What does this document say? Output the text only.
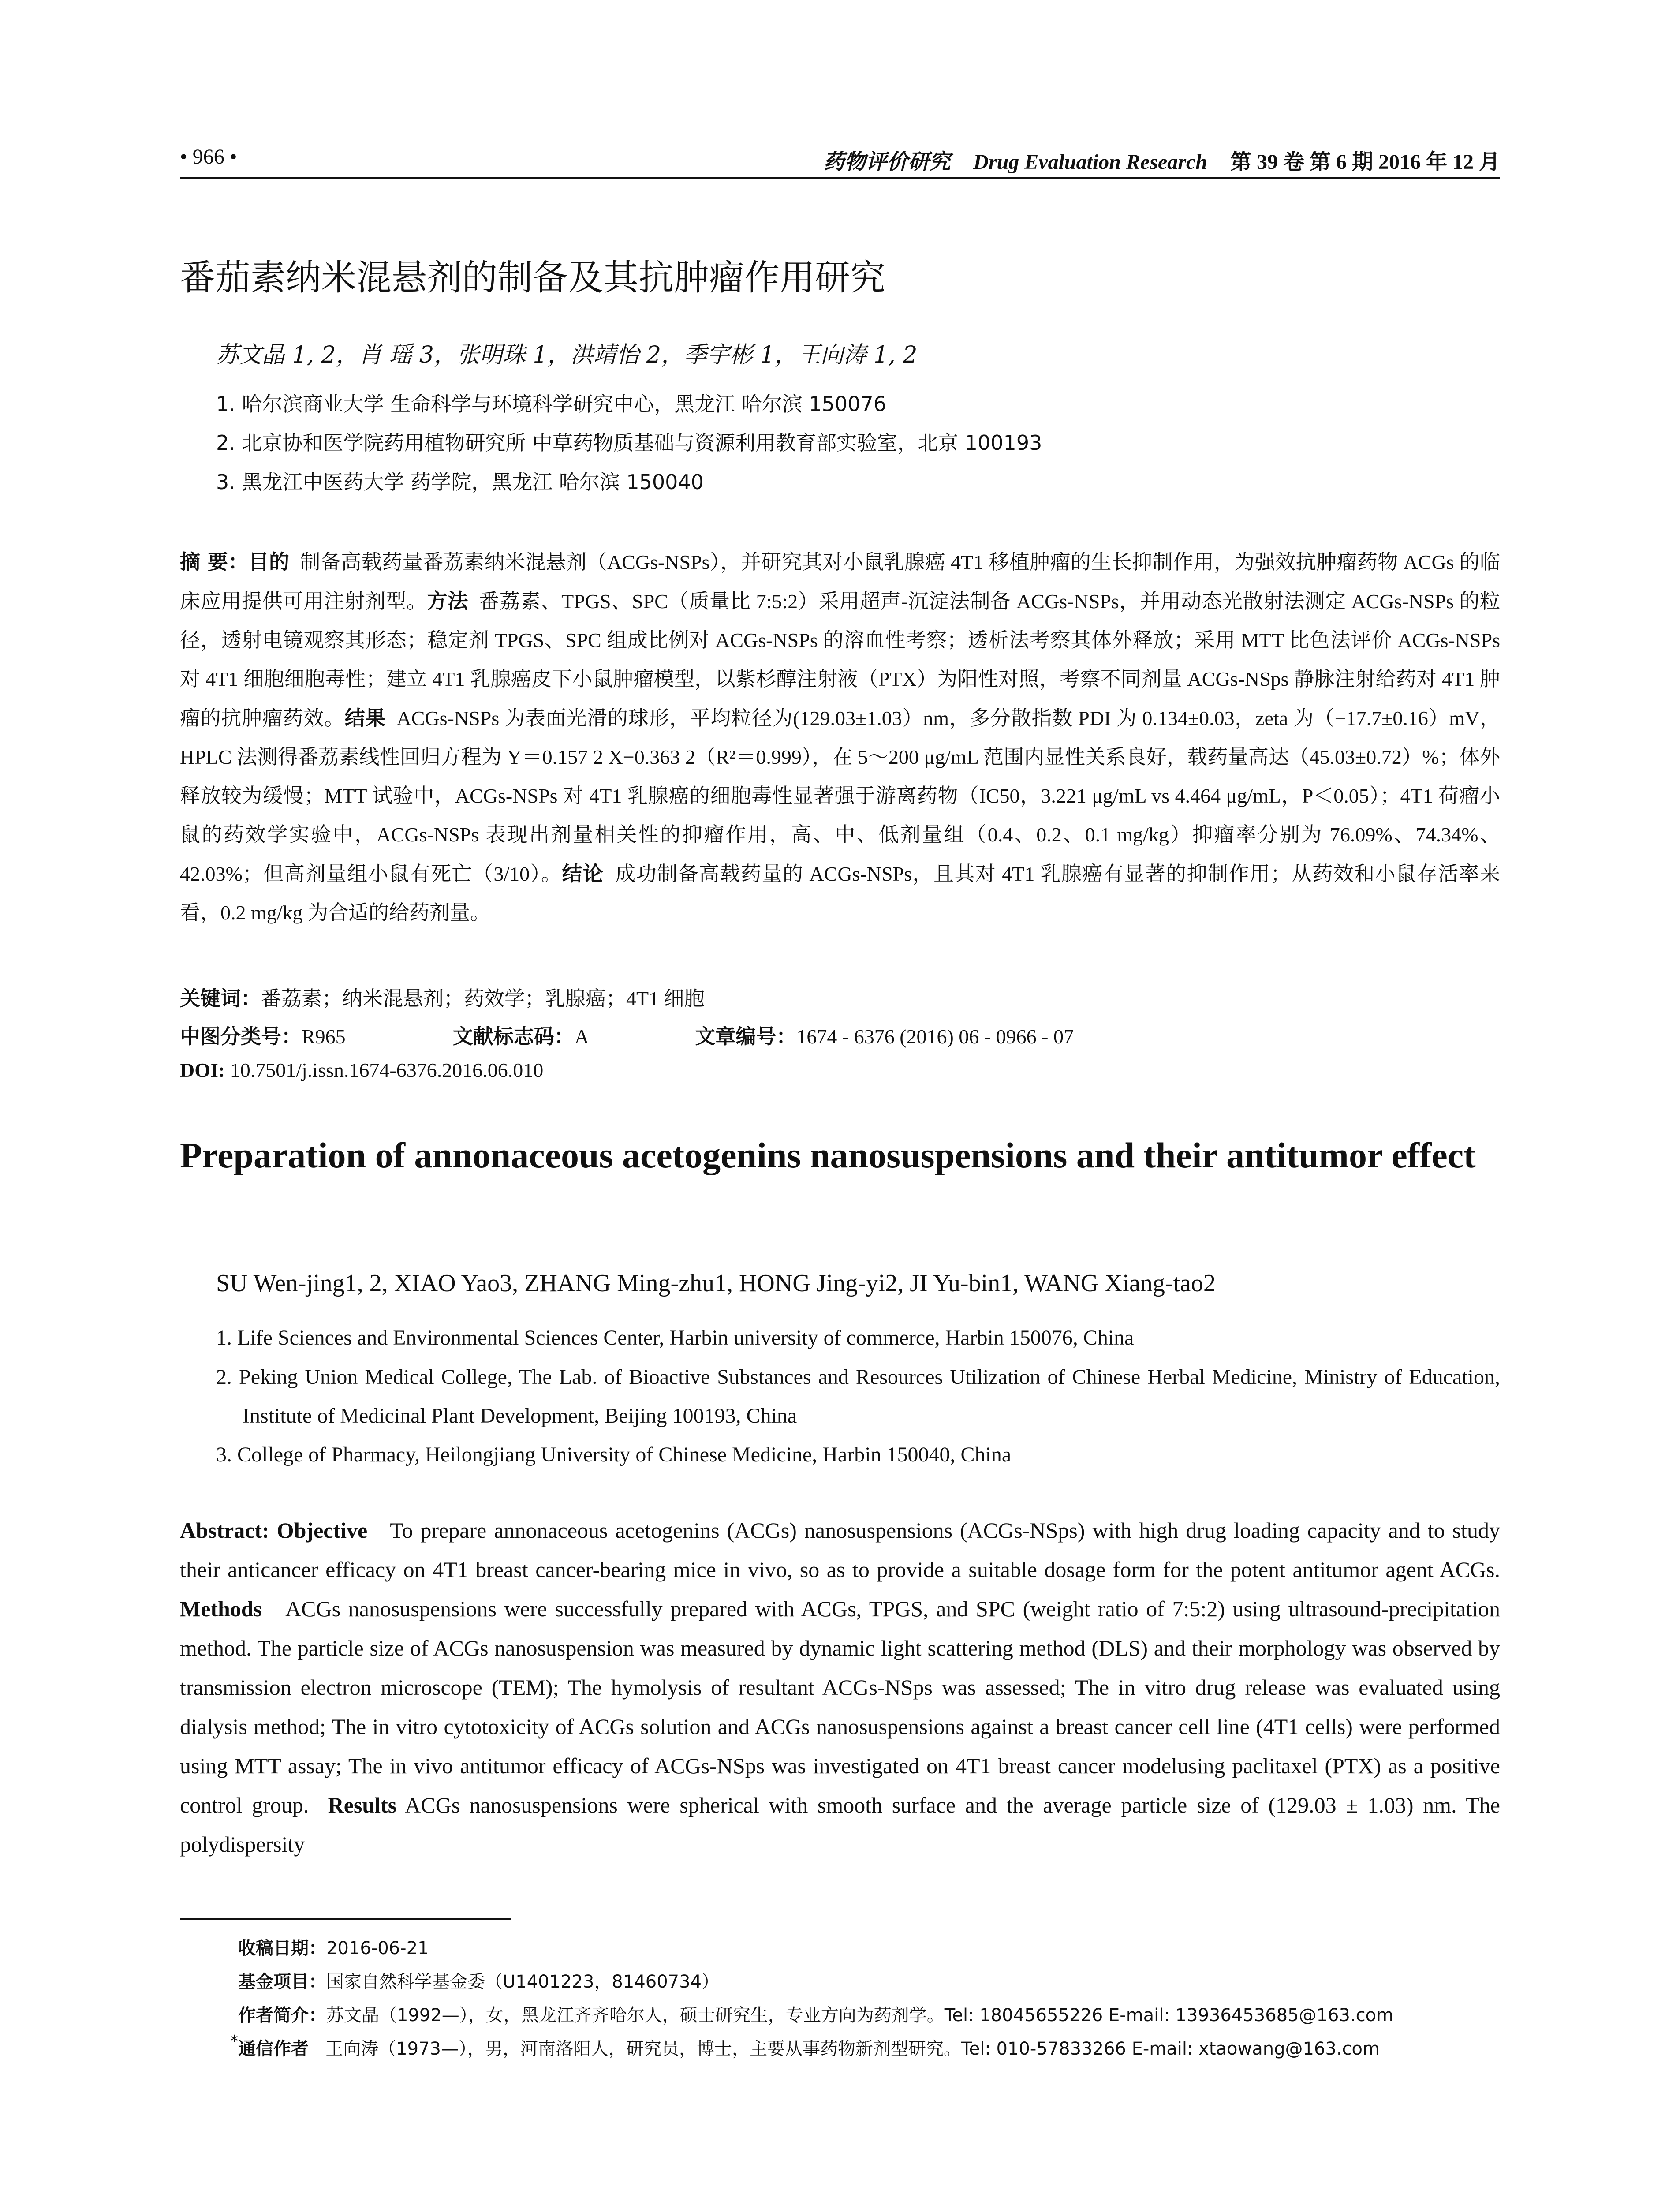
• 966 •	药物评价研究 Drug Evaluation Research 第 39 卷 第 6 期 2016 年 12 月
番茄素纳米混悬剂的制备及其抗肿瘤作用研究
苏文晶 1, 2，肖 瑶 3，张明珠 1，洪靖怡 2，季宇彬 1，王向涛 1, 2
1. 哈尔滨商业大学 生命科学与环境科学研究中心，黑龙江 哈尔滨 150076
2. 北京协和医学院药用植物研究所 中草药物质基础与资源利用教育部实验室，北京 100193
3. 黑龙江中医药大学 药学院，黑龙江 哈尔滨 150040
摘 要：目的 制备高载药量番荔素纳米混悬剂（ACGs-NSPs），并研究其对小鼠乳腺癌 4T1 移植肿瘤的生长抑制作用，为强效抗肿瘤药物 ACGs 的临床应用提供可用注射剂型。方法 番荔素、TPGS、SPC（质量比 7:5:2）采用超声-沉淀法制备 ACGs-NSPs，并用动态光散射法测定 ACGs-NSPs 的粒径，透射电镜观察其形态；稳定剂 TPGS、SPC 组成比例对 ACGs-NSPs 的溶血性考察；透析法考察其体外释放；采用 MTT 比色法评价 ACGs-NSPs 对 4T1 细胞细胞毒性；建立 4T1 乳腺癌皮下小鼠肿瘤模型，以紫杉醇注射液（PTX）为阳性对照，考察不同剂量 ACGs-NSps 静脉注射给药对 4T1 肿瘤的抗肿瘤药效。结果 ACGs-NSPs 为表面光滑的球形，平均粒径为(129.03±1.03）nm，多分散指数 PDI 为 0.134±0.03，zeta 为（−17.7±0.16）mV，HPLC 法测得番荔素线性回归方程为 Y＝0.157 2 X−0.363 2（R²＝0.999），在 5～200 μg/mL 范围内显性关系良好，载药量高达（45.03±0.72）%；体外释放较为缓慢；MTT 试验中，ACGs-NSPs 对 4T1 乳腺癌的细胞毒性显著强于游离药物（IC50，3.221 μg/mL vs 4.464 μg/mL，P＜0.05）；4T1 荷瘤小鼠的药效学实验中，ACGs-NSPs 表现出剂量相关性的抑瘤作用，高、中、低剂量组（0.4、0.2、0.1 mg/kg）抑瘤率分别为 76.09%、74.34%、42.03%；但高剂量组小鼠有死亡（3/10）。结论 成功制备高载药量的 ACGs-NSPs，且其对 4T1 乳腺癌有显著的抑制作用；从药效和小鼠存活率来看，0.2 mg/kg 为合适的给药剂量。
关键词：番荔素；纳米混悬剂；药效学；乳腺癌；4T1 细胞
中图分类号：R965	文献标志码：A	文章编号：1674 - 6376 (2016) 06 - 0966 - 07
DOI: 10.7501/j.issn.1674-6376.2016.06.010
Preparation of annonaceous acetogenins nanosuspensions and their antitumor effect
SU Wen-jing1, 2, XIAO Yao3, ZHANG Ming-zhu1, HONG Jing-yi2, JI Yu-bin1, WANG Xiang-tao2
1. Life Sciences and Environmental Sciences Center, Harbin university of commerce, Harbin 150076, China
2. Peking Union Medical College, The Lab. of Bioactive Substances and Resources Utilization of Chinese Herbal Medicine, Ministry of Education, Institute of Medicinal Plant Development, Beijing 100193, China
3. College of Pharmacy, Heilongjiang University of Chinese Medicine, Harbin 150040, China
Abstract: Objective To prepare annonaceous acetogenins (ACGs) nanosuspensions (ACGs-NSps) with high drug loading capacity and to study their anticancer efficacy on 4T1 breast cancer-bearing mice in vivo, so as to provide a suitable dosage form for the potent antitumor agent ACGs. Methods ACGs nanosuspensions were successfully prepared with ACGs, TPGS, and SPC (weight ratio of 7:5:2) using ultrasound-precipitation method. The particle size of ACGs nanosuspension was measured by dynamic light scattering method (DLS) and their morphology was observed by transmission electron microscope (TEM); The hymolysis of resultant ACGs-NSps was assessed; The in vitro drug release was evaluated using dialysis method; The in vitro cytotoxicity of ACGs solution and ACGs nanosuspensions against a breast cancer cell line (4T1 cells) were performed using MTT assay; The in vivo antitumor efficacy of ACGs-NSps was investigated on 4T1 breast cancer modelusing paclitaxel (PTX) as a positive control group. Results ACGs nanosuspensions were spherical with smooth surface and the average particle size of (129.03 ± 1.03) nm. The polydispersity
收稿日期：2016-06-21
基金项目：国家自然科学基金委（U1401223，81460734）
作者简介：苏文晶（1992—），女，黑龙江齐齐哈尔人，硕士研究生，专业方向为药剂学。Tel: 18045655226 E-mail: 13936453685@163.com
* 通信作者 王向涛（1973—），男，河南洛阳人，研究员，博士，主要从事药物新剂型研究。Tel: 010-57833266 E-mail: xtaowang@163.com
